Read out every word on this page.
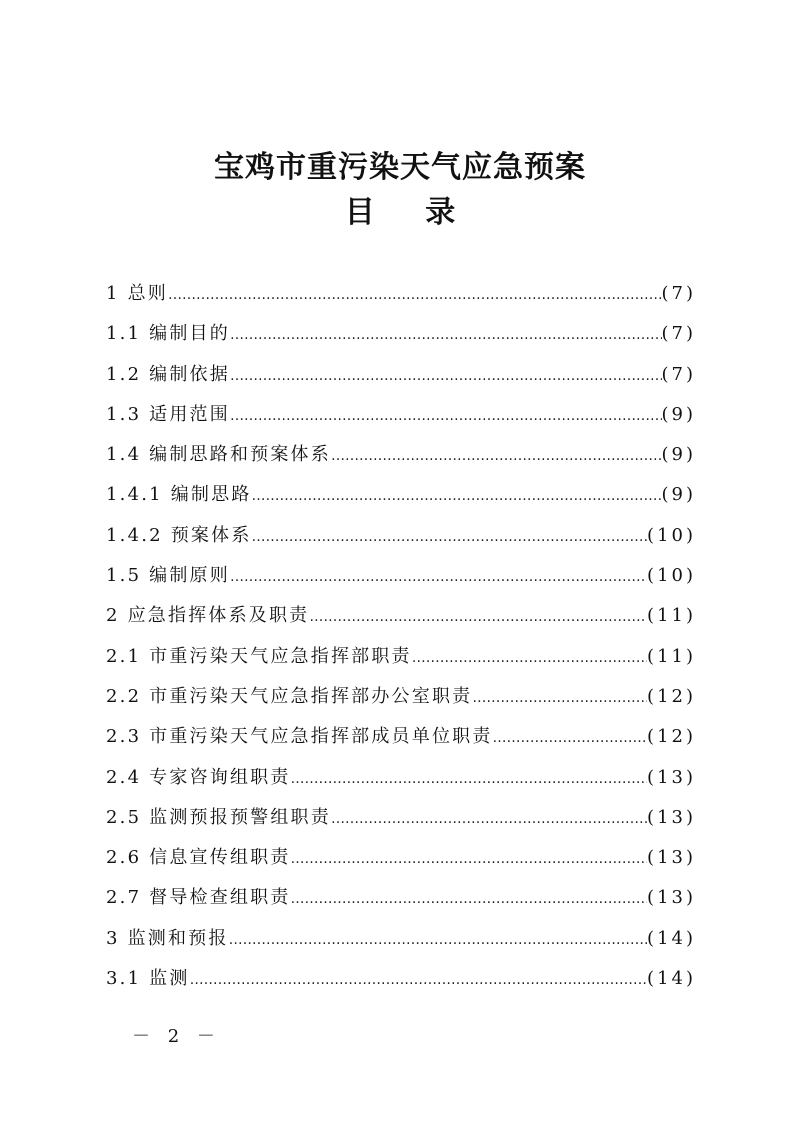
宝鸡市重污染天气应急预案
目 录
1 总则 …………………………………………………………………………………………………………………………………………………	(7)
1.1 编制目的 …………………………………………………………………………………………………………………………………………………	(7)
1.2 编制依据 …………………………………………………………………………………………………………………………………………………	(7)
1.3 适用范围 …………………………………………………………………………………………………………………………………………………	(9)
1.4 编制思路和预案体系 …………………………………………………………………………………………………………………………………………………	(9)
1.4.1 编制思路 …………………………………………………………………………………………………………………………………………………	(9)
1.4.2 预案体系 …………………………………………………………………………………………………………………………………………………	(10)
1.5 编制原则 …………………………………………………………………………………………………………………………………………………	(10)
2 应急指挥体系及职责 …………………………………………………………………………………………………………………………………………………	(11)
2.1 市重污染天气应急指挥部职责 …………………………………………………………………………………………………………………………………………………	(11)
2.2 市重污染天气应急指挥部办公室职责 …………………………………………………………………………………………………………………………………………………	(12)
2.3 市重污染天气应急指挥部成员单位职责 …………………………………………………………………………………………………………………………………………………	(12)
2.4 专家咨询组职责 …………………………………………………………………………………………………………………………………………………	(13)
2.5 监测预报预警组职责 …………………………………………………………………………………………………………………………………………………	(13)
2.6 信息宣传组职责 …………………………………………………………………………………………………………………………………………………	(13)
2.7 督导检查组职责 …………………………………………………………………………………………………………………………………………………	(13)
3 监测和预报 …………………………………………………………………………………………………………………………………………………	(14)
3.1 监测 …………………………………………………………………………………………………………………………………………………	(14)
－ 2 －
